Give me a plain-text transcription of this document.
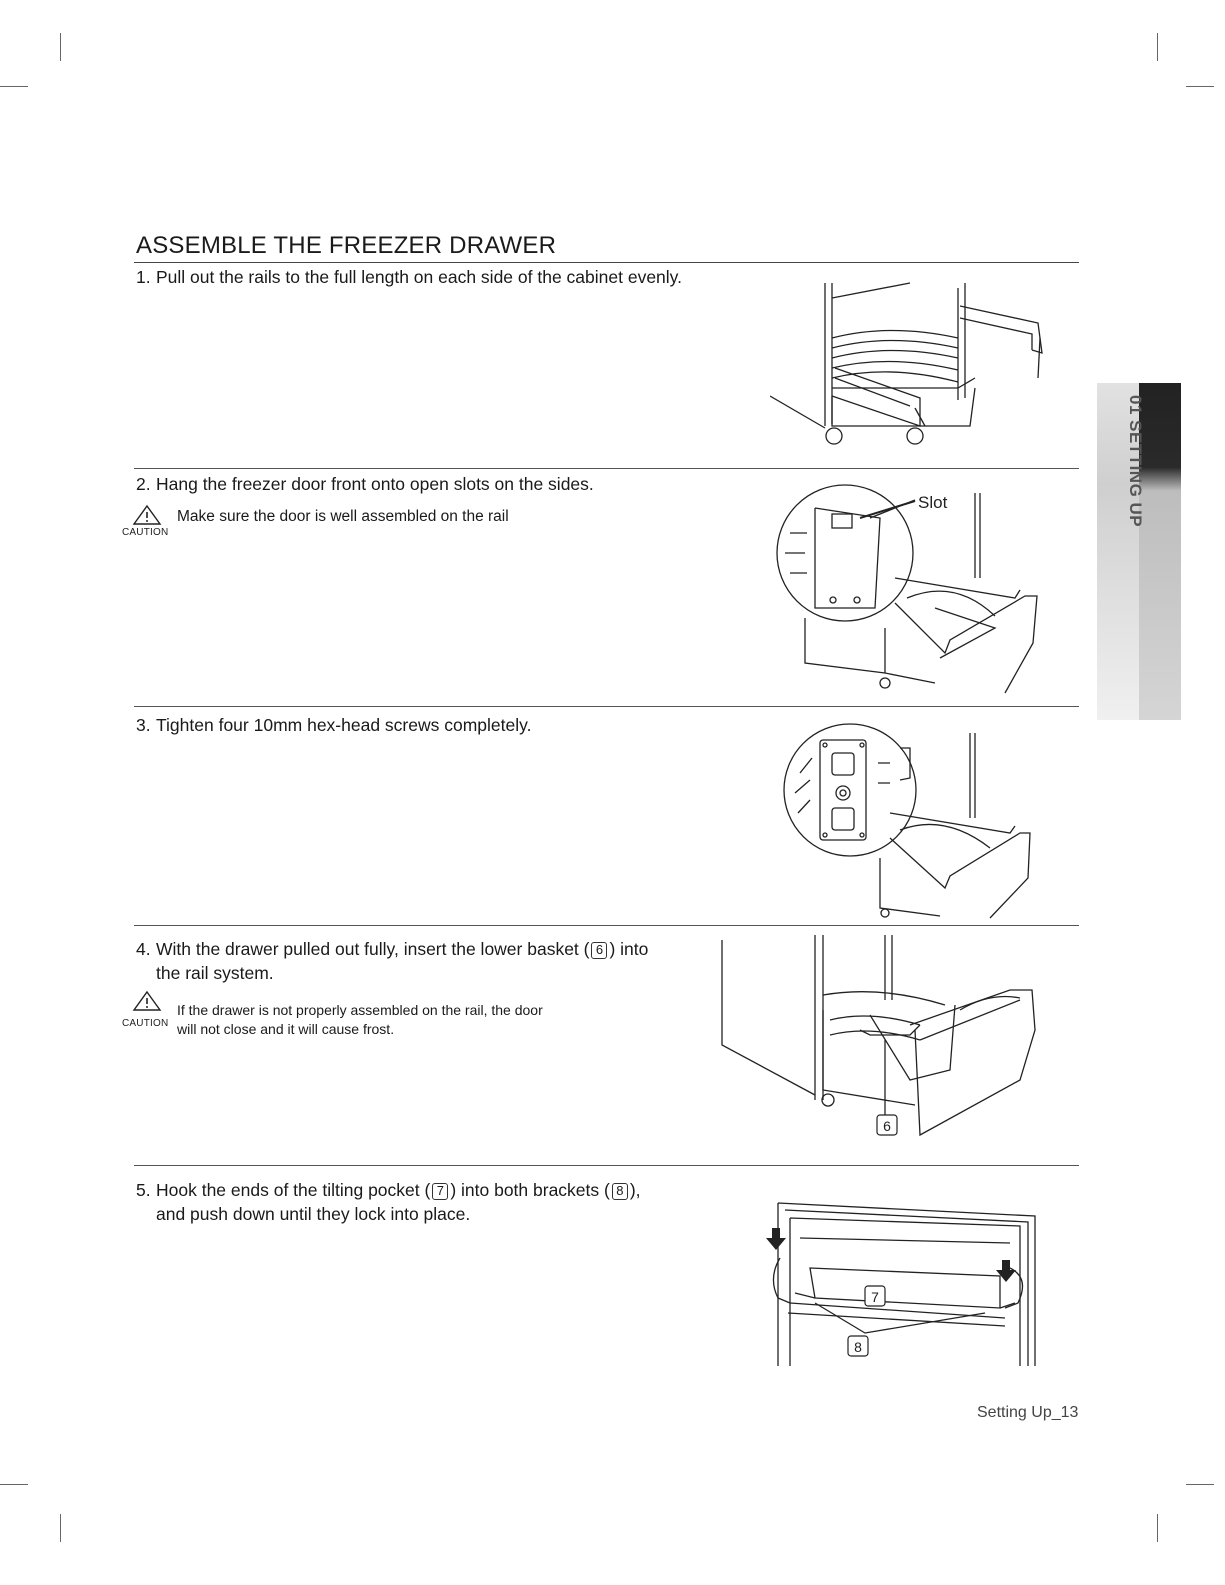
ASSEMBLE THE FREEZER DRAWER
01 SETTING UP
1. Pull out the rails to the full length on each side of the cabinet evenly.
2. Hang the freezer door front onto open slots on the sides.
CAUTION
Make sure the door is well assembled on the rail
Slot
3. Tighten four 10mm hex-head screws completely.
4. With the drawer pulled out fully, insert the lower basket ( 6 ) into
the rail system.
CAUTION
If the drawer is not properly assembled on the rail, the door
will not close and it will cause frost.
6
5. Hook the ends of the tilting pocket ( 7 ) into both brackets ( 8 ),
and push down until they lock into place.
7
8
Setting Up_13
